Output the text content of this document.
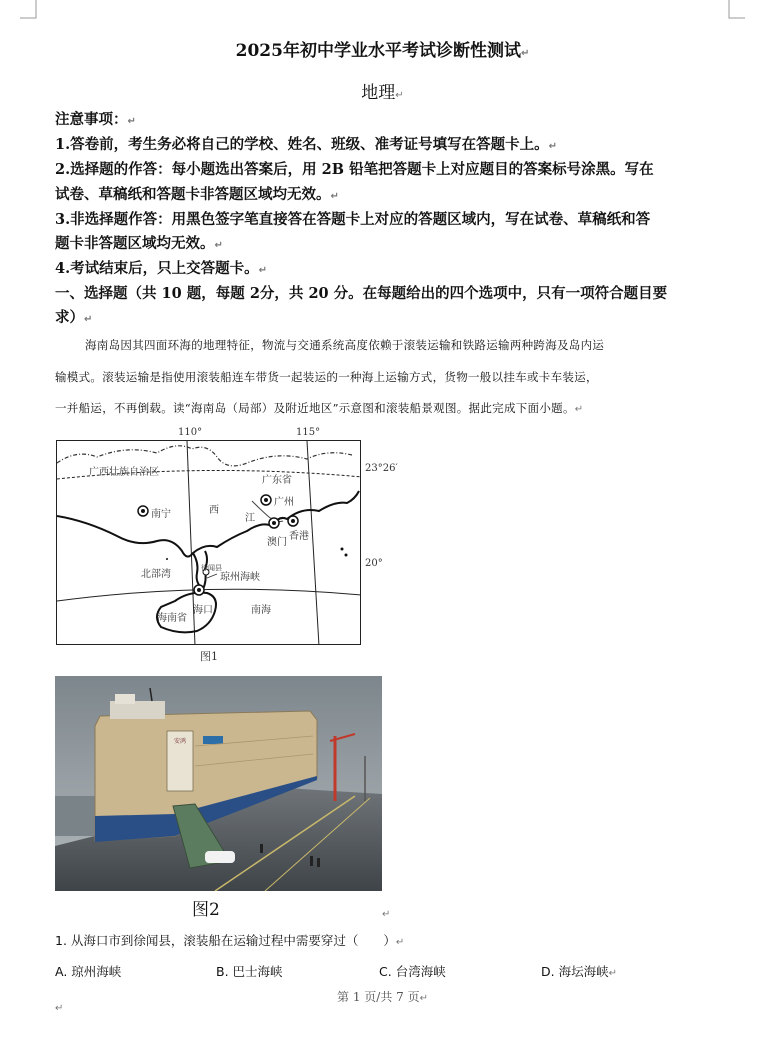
2025年初中学业水平考试诊断性测试↵
地理↵
注意事项：↵
1.答卷前，考生务必将自己的学校、姓名、班级、准考证号填写在答题卡上。↵
2.选择题的作答：每小题选出答案后，用 2B 铅笔把答题卡上对应题目的答案标号涂黑。写在
试卷、草稿纸和答题卡非答题区域均无效。↵
3.非选择题作答：用黑色签字笔直接答在答题卡上对应的答题区域内，写在试卷、草稿纸和答
题卡非答题区域均无效。↵
4.考试结束后，只上交答题卡。↵
一、选择题（共 10 题，每题 2分，共 20 分。在每题给出的四个选项中，只有一项符合题目要
求）↵
海南岛因其四面环海的地理特征，物流与交通系统高度依赖于滚装运输和铁路运输两种跨海及岛内运
输模式。滚装运输是指使用滚装船连车带货一起装运的一种海上运输方式，货物一般以挂车或卡车装运，
一并船运，不再倒载。读“海南岛（局部）及附近地区”示意图和滚装船景观图。据此完成下面小题。↵
110°	115°
23°26′
20°
广西壮族自治区
广东省
南宁
广州
西
江
澳门
香港
北部湾
徐闻县
琼州海峡
海口
海南省
南海
图1
安鸿
图2	↵
1. 从海口市到徐闻县，滚装船在运输过程中需要穿过（　　）↵
A. 琼州海峡	B. 巴士海峡	C. 台湾海峡	D. 海坛海峡↵
第 1 页/共 7 页↵
↵
